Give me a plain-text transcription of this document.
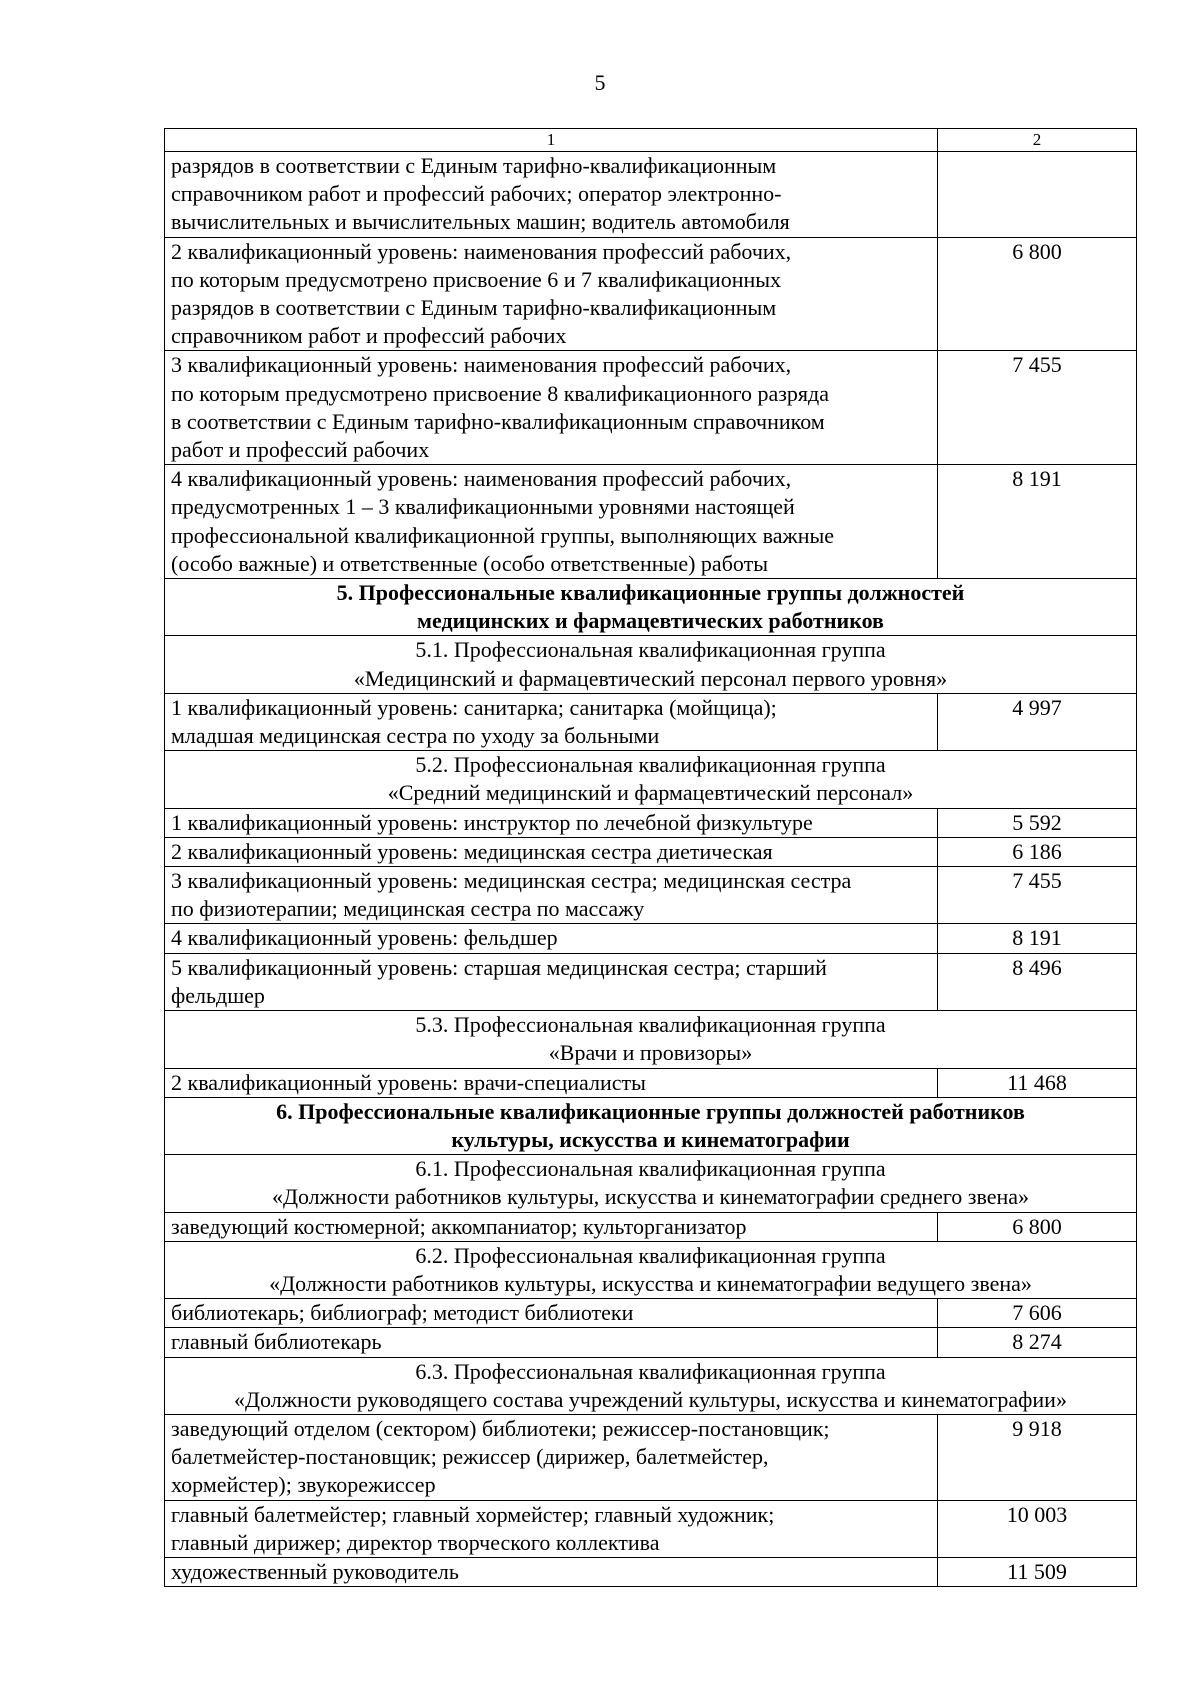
5
1	2

разрядов в соответствии с Единым тарифно-квалификационным
справочником работ и профессий рабочих; оператор электронно-
вычислительных и вычислительных машин; водитель автомобиля	

2 квалификационный уровень: наименования профессий рабочих,
по которым предусмотрено присвоение 6 и 7 квалификационных
разрядов в соответствии с Единым тарифно-квалификационным
справочником работ и профессий рабочих	6 800

3 квалификационный уровень: наименования профессий рабочих,
по которым предусмотрено присвоение 8 квалификационного разряда
в соответствии с Единым тарифно-квалификационным справочником
работ и профессий рабочих	7 455

4 квалификационный уровень: наименования профессий рабочих,
предусмотренных 1 – 3 квалификационными уровнями настоящей
профессиональной квалификационной группы, выполняющих важные
(особо важные) и ответственные (особо ответственные) работы	8 191

5. Профессиональные квалификационные группы должностей
медицинских и фармацевтических работников	

5.1. Профессиональная квалификационная группа
«Медицинский и фармацевтический персонал первого уровня»	

1 квалификационный уровень: санитарка; санитарка (мойщица);
младшая медицинская сестра по уходу за больными	4 997

5.2. Профессиональная квалификационная группа
«Средний медицинский и фармацевтический персонал»	

1 квалификационный уровень: инструктор по лечебной физкультуре	5 592

2 квалификационный уровень: медицинская сестра диетическая	6 186

3 квалификационный уровень: медицинская сестра; медицинская сестра
по физиотерапии; медицинская сестра по массажу	7 455

4 квалификационный уровень: фельдшер	8 191

5 квалификационный уровень: старшая медицинская сестра; старший
фельдшер	8 496

5.3. Профессиональная квалификационная группа
«Врачи и провизоры»	

2 квалификационный уровень: врачи-специалисты	11 468

6. Профессиональные квалификационные группы должностей работников
культуры, искусства и кинематографии	

6.1. Профессиональная квалификационная группа
«Должности работников культуры, искусства и кинематографии среднего звена»	

заведующий костюмерной; аккомпаниатор; культорганизатор	6 800

6.2. Профессиональная квалификационная группа
«Должности работников культуры, искусства и кинематографии ведущего звена»	

библиотекарь; библиограф; методист библиотеки	7 606

главный библиотекарь	8 274

6.3. Профессиональная квалификационная группа
«Должности руководящего состава учреждений культуры, искусства и кинематографии»	

заведующий отделом (сектором) библиотеки; режиссер-постановщик;
балетмейстер-постановщик; режиссер (дирижер, балетмейстер,
хормейстер); звукорежиссер	9 918

главный балетмейстер; главный хормейстер; главный художник;
главный дирижер; директор творческого коллектива	10 003

художественный руководитель	11 509
